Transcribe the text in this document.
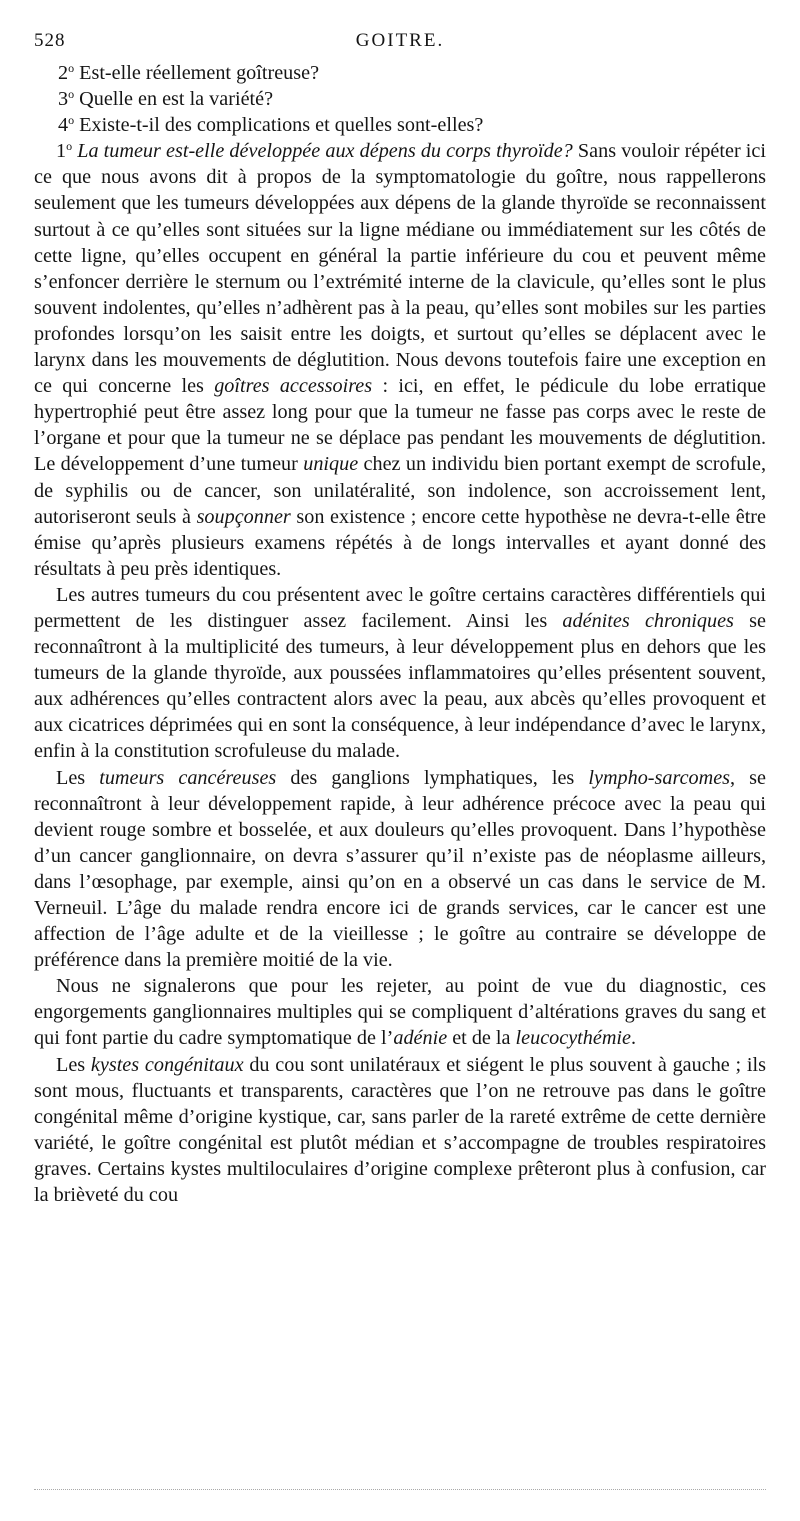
528	GOITRE.

2$^o$ Est-elle réellement goîtreuse?

3$^o$ Quelle en est la variété?

4$^o$ Existe-t-il des complications et quelles sont-elles?

1$^o$ La tumeur est-elle développée aux dépens du corps thyroïde? Sans vouloir répéter ici ce que nous avons dit à propos de la symptomatologie du goître, nous rappellerons seulement que les tumeurs développées aux dépens de la glande thyroïde se reconnaissent surtout à ce qu’elles sont situées sur la ligne médiane ou immédiatement sur les côtés de cette ligne, qu’elles occupent en général la partie inférieure du cou et peuvent même s’enfoncer derrière le sternum ou l’extrémité interne de la clavicule, qu’elles sont le plus souvent indolentes, qu’elles n’adhèrent pas à la peau, qu’elles sont mobiles sur les parties profondes lorsqu’on les saisit entre les doigts, et surtout qu’elles se déplacent avec le larynx dans les mouvements de déglutition. Nous devons toutefois faire une exception en ce qui concerne les goîtres accessoires : ici, en effet, le pédicule du lobe erratique hypertrophié peut être assez long pour que la tumeur ne fasse pas corps avec le reste de l’organe et pour que la tumeur ne se déplace pas pendant les mouvements de déglutition. Le développement d’une tumeur unique chez un individu bien portant exempt de scrofule, de syphilis ou de cancer, son unilatéralité, son indolence, son accroissement lent, autoriseront seuls à soupçonner son existence ; encore cette hypothèse ne devra-t-elle être émise qu’après plusieurs examens répétés à de longs intervalles et ayant donné des résultats à peu près identiques.

Les autres tumeurs du cou présentent avec le goître certains caractères différentiels qui permettent de les distinguer assez facilement. Ainsi les adénites chroniques se reconnaîtront à la multiplicité des tumeurs, à leur développement plus en dehors que les tumeurs de la glande thyroïde, aux poussées inflammatoires qu’elles présentent souvent, aux adhérences qu’elles contractent alors avec la peau, aux abcès qu’elles provoquent et aux cicatrices déprimées qui en sont la conséquence, à leur indépendance d’avec le larynx, enfin à la constitution scrofuleuse du malade.

Les tumeurs cancéreuses des ganglions lymphatiques, les lympho-sarcomes, se reconnaîtront à leur développement rapide, à leur adhérence précoce avec la peau qui devient rouge sombre et bosselée, et aux douleurs qu’elles provoquent. Dans l’hypothèse d’un cancer ganglionnaire, on devra s’assurer qu’il n’existe pas de néoplasme ailleurs, dans l’œsophage, par exemple, ainsi qu’on en a observé un cas dans le service de M. Verneuil. L’âge du malade rendra encore ici de grands services, car le cancer est une affection de l’âge adulte et de la vieillesse ; le goître au contraire se développe de préférence dans la première moitié de la vie.

Nous ne signalerons que pour les rejeter, au point de vue du diagnostic, ces engorgements ganglionnaires multiples qui se compliquent d’altérations graves du sang et qui font partie du cadre symptomatique de l’adénie et de la leucocythémie.

Les kystes congénitaux du cou sont unilatéraux et siégent le plus souvent à gauche ; ils sont mous, fluctuants et transparents, caractères que l’on ne retrouve pas dans le goître congénital même d’origine kystique, car, sans parler de la rareté extrême de cette dernière variété, le goître congénital est plutôt médian et s’accompagne de troubles respiratoires graves. Certains kystes multiloculaires d’origine complexe prêteront plus à confusion, car la brièveté du cou
